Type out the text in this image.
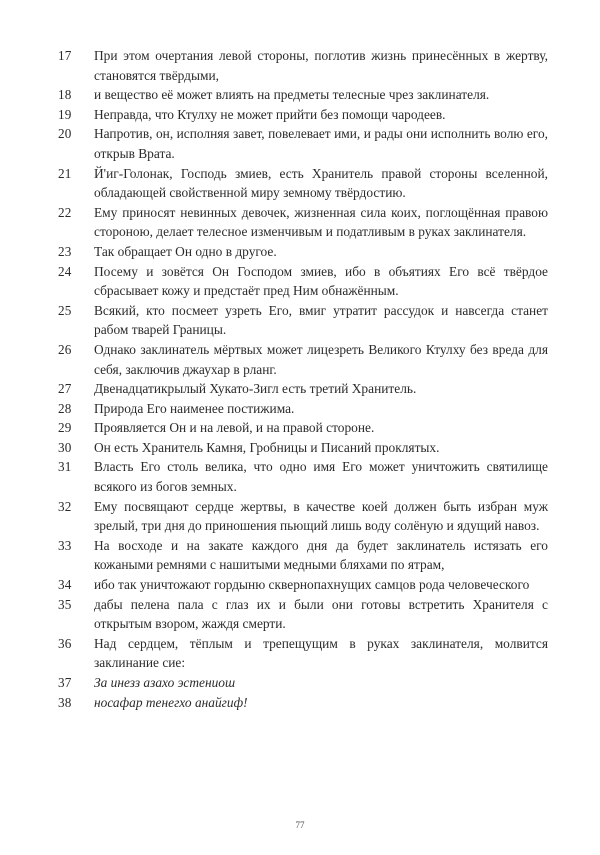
17	При этом очертания левой стороны, поглотив жизнь принесённых в жертву, становятся твёрдыми,
18	и вещество её может влиять на предметы телесные чрез заклинателя.
19	Неправда, что Ктулху не может прийти без помощи чародеев.
20	Напротив, он, исполняя завет, повелевает ими, и рады они исполнить волю его, открыв Врата.
21	Й'иг-Голонак, Господь змиев, есть Хранитель правой стороны вселенной, обладающей свойственной миру земному твёрдостию.
22	Ему приносят невинных девочек, жизненная сила коих, поглощённая правою стороною, делает телесное изменчивым и податливым в руках заклинателя.
23	Так обращает Он одно в другое.
24	Посему и зовётся Он Господом змиев, ибо в объятиях Его всё твёрдое сбрасывает кожу и предстаёт пред Ним обнажённым.
25	Всякий, кто посмеет узреть Его, вмиг утратит рассудок и навсегда станет рабом тварей Границы.
26	Однако заклинатель мёртвых может лицезреть Великого Ктулху без вреда для себя, заключив джаухар в рланг.
27	Двенадцатикрылый Хукато-Зигл есть третий Хранитель.
28	Природа Его наименее постижима.
29	Проявляется Он и на левой, и на правой стороне.
30	Он есть Хранитель Камня, Гробницы и Писаний проклятых.
31	Власть Его столь велика, что одно имя Его может уничтожить святилище всякого из богов земных.
32	Ему посвящают сердце жертвы, в качестве коей должен быть избран муж зрелый, три дня до приношения пьющий лишь воду солёную и ядущий навоз.
33	На восходе и на закате каждого дня да будет заклинатель истязать его кожаными ремнями с нашитыми медными бляхами по ятрам,
34	ибо так уничтожают гордыню сквернопахнущих самцов рода человеческого
35	дабы пелена пала с глаз их и были они готовы встретить Хранителя с открытым взором, жаждя смерти.
36	Над сердцем, тёплым и трепещущим в руках заклинателя, молвится заклинание сие:
37	За инезз азахо эстениош
38	носафар тенегхо анайгиф!
77
